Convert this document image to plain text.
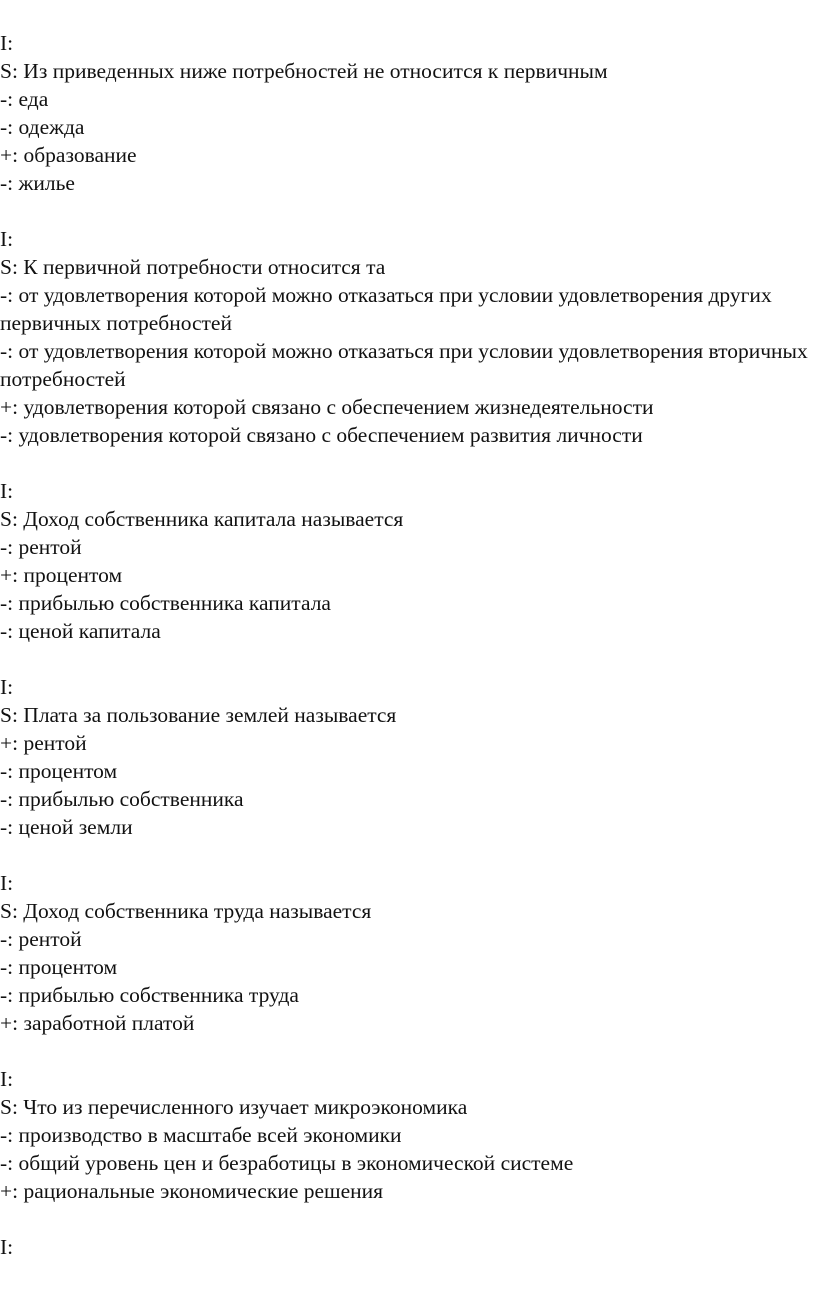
I:
S: Из приведенных ниже потребностей не относится к первичным
-: еда
-: одежда
+: образование
-: жилье
I:
S: К первичной потребности относится та
-: от удовлетворения которой можно отказаться при условии удовлетворения других первичных потребностей
-: от удовлетворения которой можно отказаться при условии удовлетворения вторичных потребностей
+: удовлетворения которой связано с обеспечением жизнедеятельности
-: удовлетворения которой связано с обеспечением развития личности
I:
S: Доход собственника капитала называется
-: рентой
+: процентом
-: прибылью собственника капитала
-: ценой капитала
I:
S: Плата за пользование землей называется
+: рентой
-: процентом
-: прибылью собственника
-: ценой земли
I:
S: Доход собственника труда называется
-: рентой
-: процентом
-: прибылью собственника труда
+: заработной платой
I:
S: Что из перечисленного изучает микроэкономика
-: производство в масштабе всей экономики
-: общий уровень цен и безработицы в экономической системе
+: рациональные экономические решения
I:
